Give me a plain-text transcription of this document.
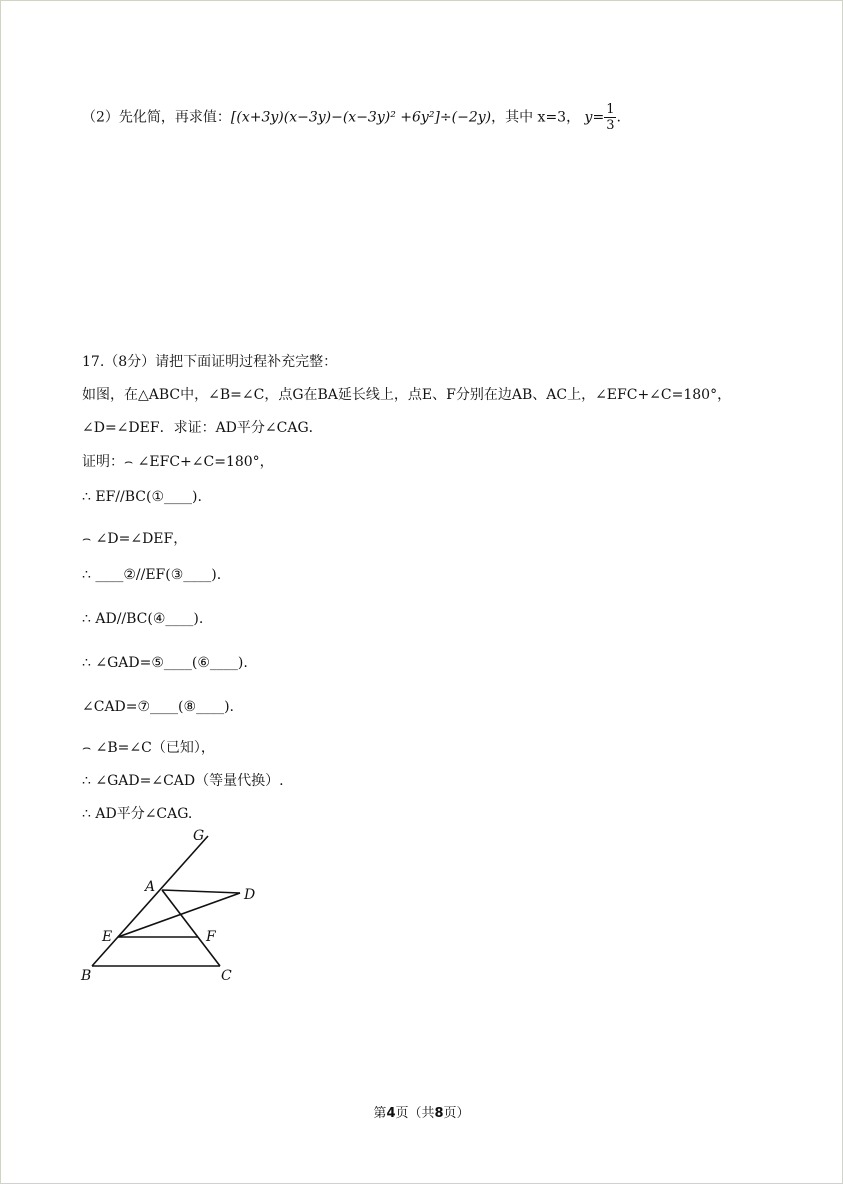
（2）先化简，再求值：[(x+3y)(x−3y)−(x−3y)² +6y²]÷(−2y)，其中 x=3， $y= \frac{1}{3}$ .
17.（8分）请把下面证明过程补充完整：
如图，在△ABC中，∠B=∠C，点G在BA延长线上，点E、F分别在边AB、AC上，∠EFC+∠C=180°，
∠D=∠DEF．求证：AD平分∠CAG．
证明：⌢ ∠EFC+∠C=180°，
∴ EF//BC(①____).
⌢ ∠D=∠DEF，
∴ ____②//EF(③____).
∴ AD//BC(④____).
∴ ∠GAD=⑤____(⑥____).
∠CAD=⑦____(⑧____).
⌢ ∠B=∠C（已知），
∴ ∠GAD=∠CAD（等量代换）.
∴ AD平分∠CAG.
G
A	D
E	F
B	C
第4页（共8页）
